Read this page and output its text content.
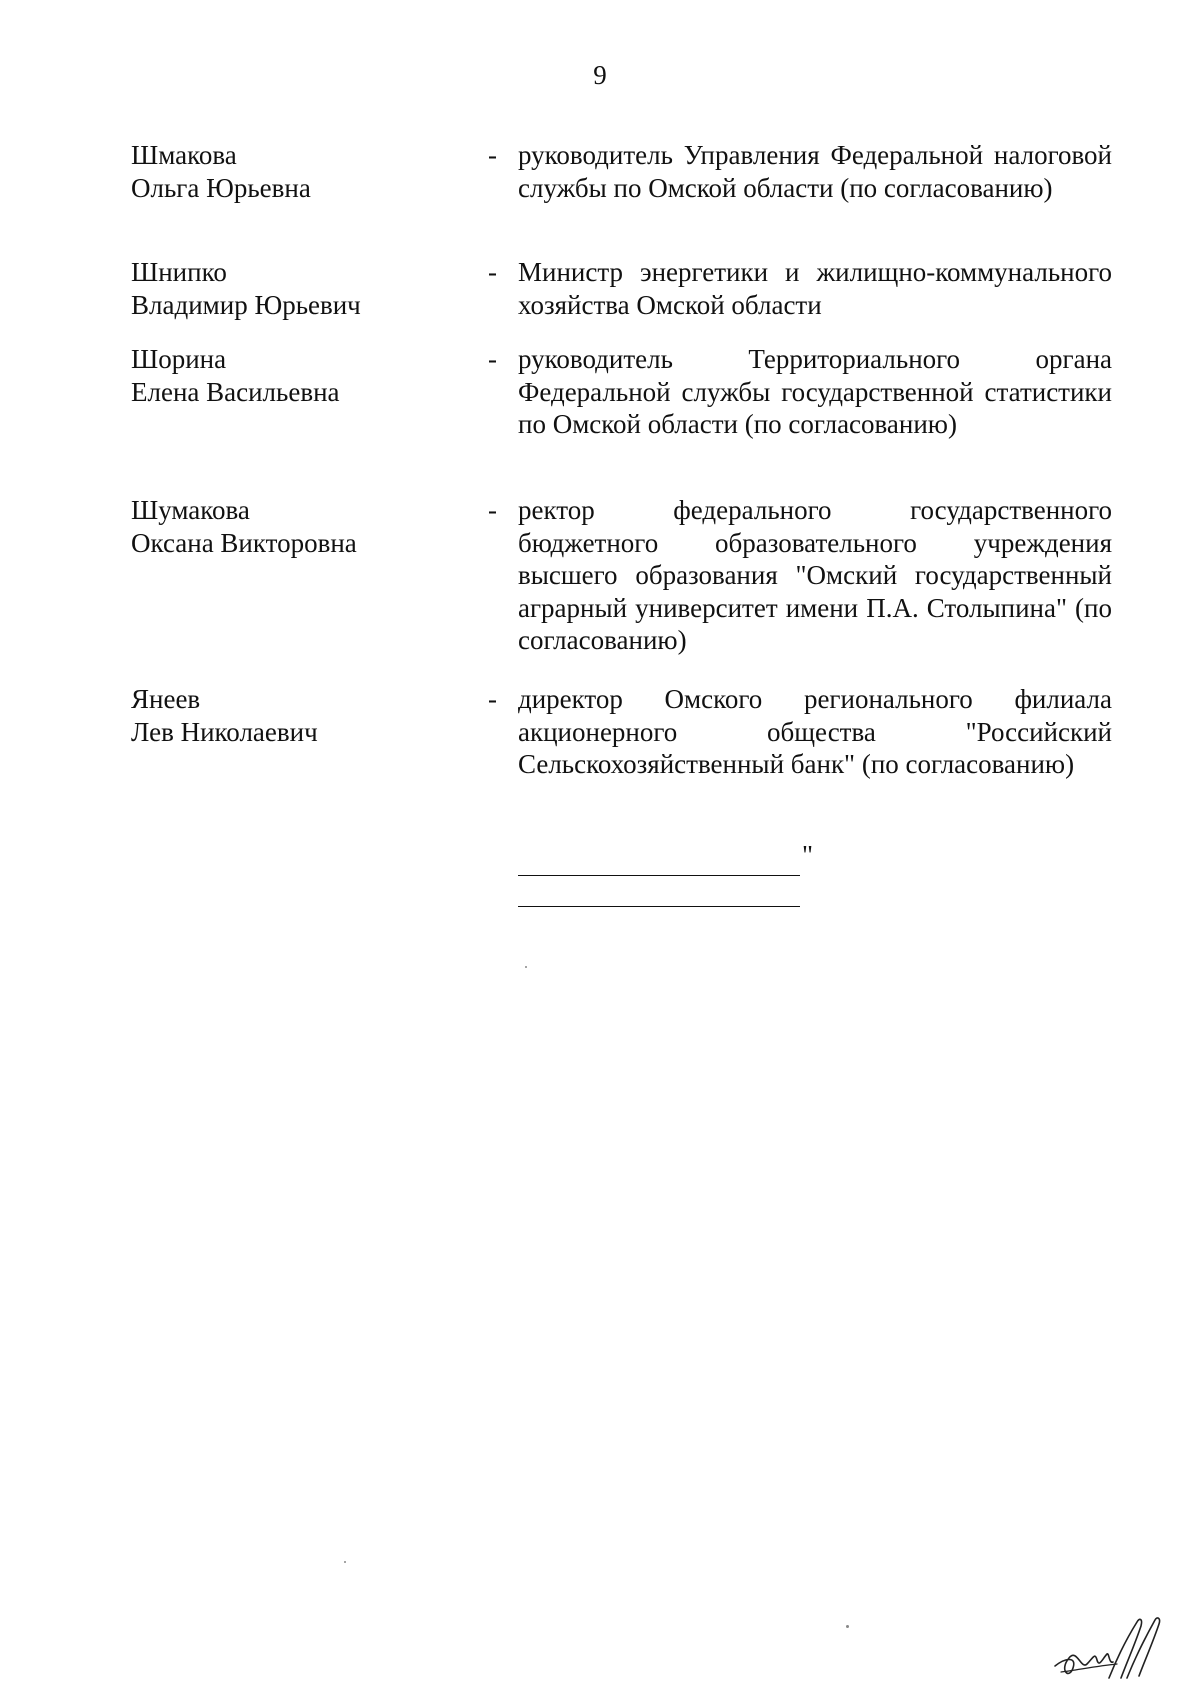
9
Шмакова
Ольга Юрьевна
- руководитель Управления Федеральной налоговой службы по Омской области (по согласованию)
Шнипко
Владимир Юрьевич
- Министр энергетики и жилищно-коммунального хозяйства Омской области
Шорина
Елена Васильевна
- руководитель Территориального органа Федеральной службы государственной статистики по Омской области (по согласованию)
Шумакова
Оксана Викторовна
- ректор федерального государственного бюджетного образовательного учреждения высшего образования "Омский государственный аграрный университет имени П.А. Столыпина" (по согласованию)
Янеев
Лев Николаевич
- директор Омского регионального филиала акционерного общества "Российский Сельскохозяйственный банк" (по согласованию)
"
